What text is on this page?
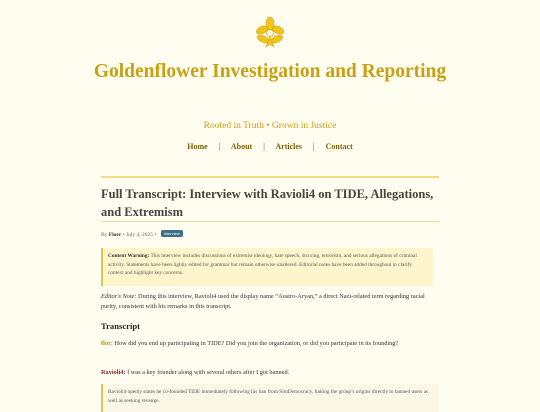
Goldenflower Investigation and Reporting
Rooted in Truth • Grown in Justice
Home | About | Articles | Contact
Full Transcript: Interview with Ravioli4 on TIDE, Allegations, and Extremism
By Floer • July 4, 2025 • Interview
Content Warning: This interview includes discussions of extremist ideology, hate speech, doxxing, terrorism, and serious allegations of criminal activity. Statements have been lightly edited for grammar but remain otherwise unaltered. Editorial notes have been added throughout to clarify context and highlight key concerns.
Editor's Note: During this interview, Ravioli4 used the display name “Austro-Aryan,” a direct Nazi-related term regarding racial purity, consistent with his remarks in this transcript.
Transcript
flor: How did you end up participating in TIDE? Did you join the organization, or did you participate in its founding?
Ravioli4: I was a key founder along with several others after I got banned.
Ravioli4 openly states he co-founded TIDE immediately following his ban from SimDemocracy, linking the group’s origins directly to banned users as well as seeking revenge.
